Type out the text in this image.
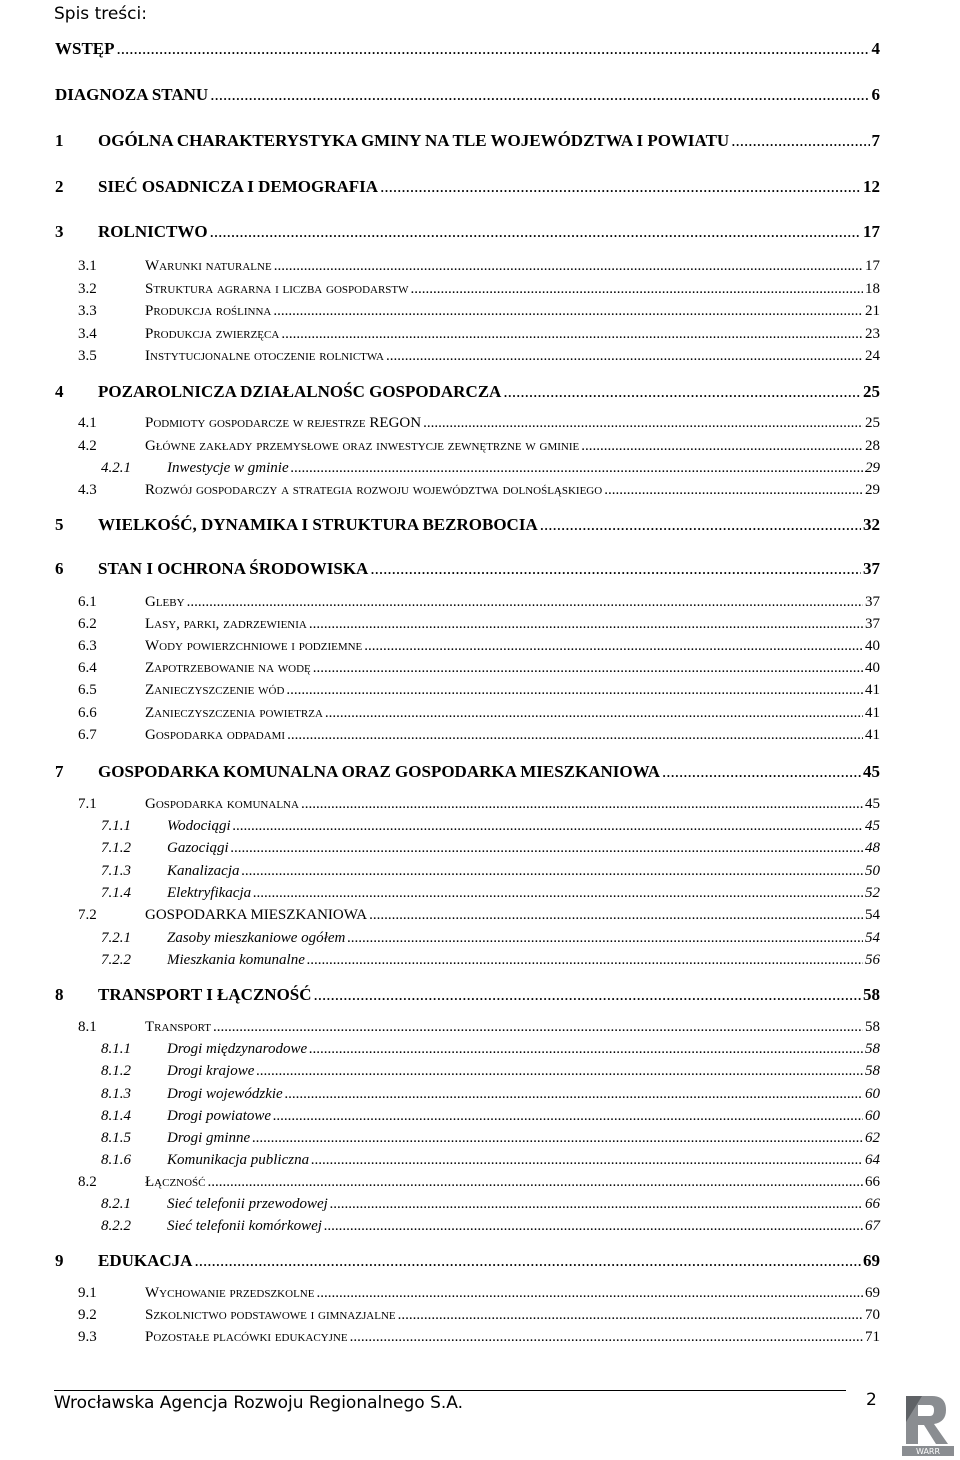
Spis treści:
WSTĘP .....	4
DIAGNOZA STANU .....	6
1 OGÓLNA CHARAKTERYSTYKA GMINY NA TLE WOJEWÓDZTWA I POWIATU .....	7
2 SIEĆ OSADNICZA I DEMOGRAFIA .....	12
3 ROLNICTWO .....	17
3.1	Warunki naturalne .....	17
3.2	Struktura agrarna i liczba gospodarstw .....	18
3.3	Produkcja roślinna .....	21
3.4	Produkcja zwierzęca .....	23
3.5	Instytucjonalne otoczenie rolnictwa .....	24
4 POZAROLNICZA DZIAŁALNOŚC GOSPODARCZA .....	25
4.1	Podmioty gospodarcze w rejestrze REGON .....	25
4.2	Główne zakłady przemysłowe oraz inwestycje zewnętrzne w gminie .....	28
4.2.1 Inwestycje w gminie .....	29
4.3	Rozwój gospodarczy a strategia rozwoju województwa dolnośląskiego .....	29
5 WIELKOŚĆ, DYNAMIKA I STRUKTURA BEZROBOCIA .....	32
6 STAN I OCHRONA ŚRODOWISKA .....	37
6.1	Gleby .....	37
6.2	Lasy, parki, zadrzewienia .....	37
6.3	Wody powierzchniowe i podziemne .....	40
6.4	Zapotrzebowanie na wodę .....	40
6.5	Zanieczyszczenie wód .....	41
6.6	Zanieczyszczenia powietrza .....	41
6.7	Gospodarka odpadami .....	41
7 GOSPODARKA KOMUNALNA ORAZ GOSPODARKA MIESZKANIOWA .....	45
7.1	Gospodarka komunalna .....	45
7.1.1 Wodociągi .....	45
7.1.2 Gazociągi .....	48
7.1.3 Kanalizacja .....	50
7.1.4 Elektryfikacja .....	52
7.2	GOSPODARKA MIESZKANIOWA .....	54
7.2.1 Zasoby mieszkaniowe ogółem .....	54
7.2.2 Mieszkania komunalne .....	56
8 TRANSPORT I ŁĄCZNOŚĆ .....	58
8.1	Transport .....	58
8.1.1 Drogi międzynarodowe .....	58
8.1.2 Drogi krajowe .....	58
8.1.3 Drogi wojewódzkie .....	60
8.1.4 Drogi powiatowe .....	60
8.1.5 Drogi gminne .....	62
8.1.6 Komunikacja publiczna .....	64
8.2	Łączność .....	66
8.2.1 Sieć telefonii przewodowej .....	66
8.2.2 Sieć telefonii komórkowej .....	67
9 EDUKACJA .....	69
9.1	Wychowanie przedszkolne .....	69
9.2	Szkolnictwo podstawowe i gimnazjalne .....	70
9.3	Pozostałe placówki edukacyjne .....	71
Wrocławska Agencja Rozwoju Regionalnego S.A.	2
WARR
